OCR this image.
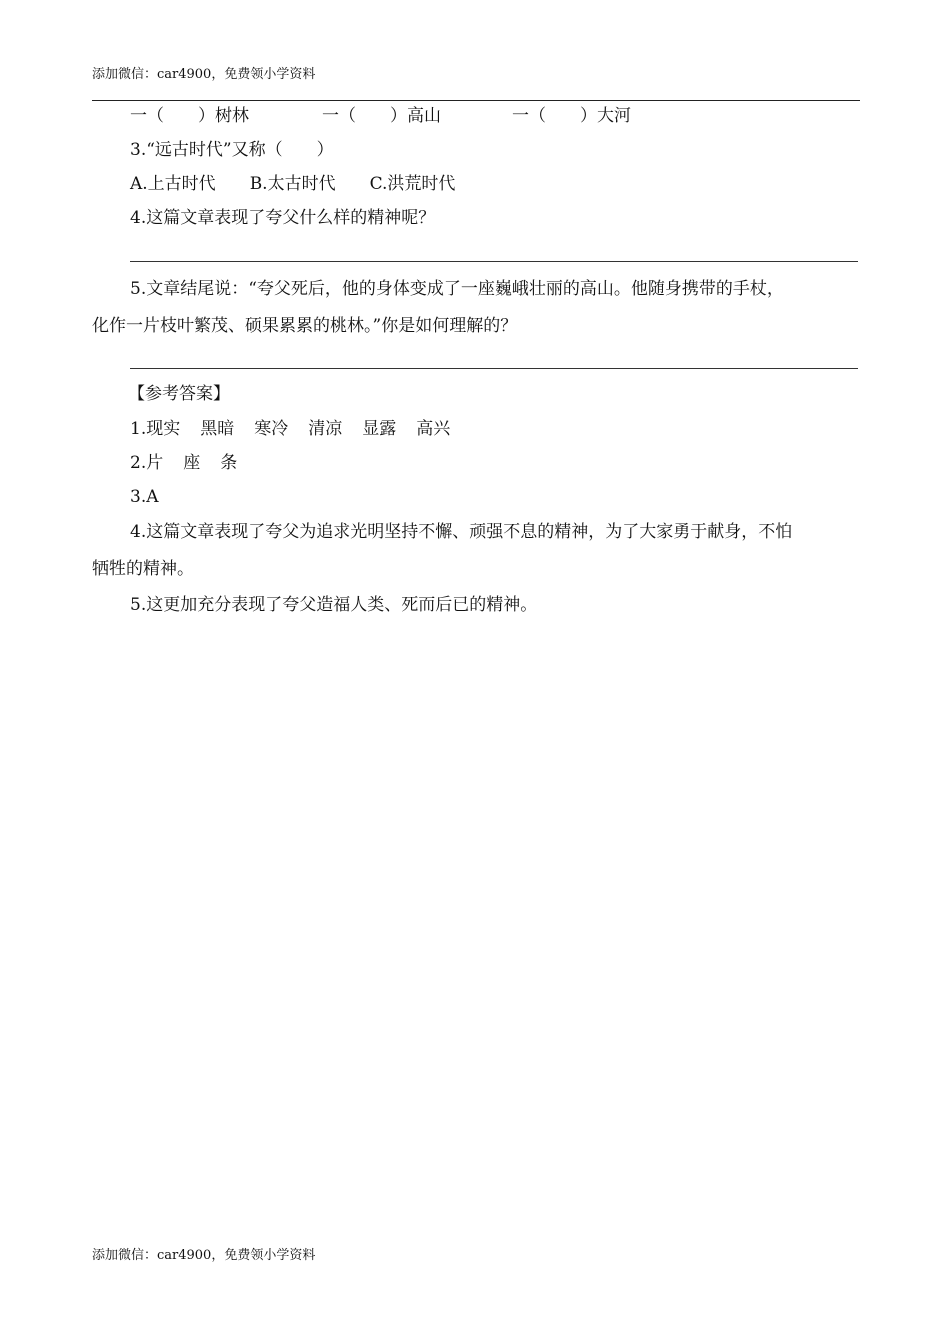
添加微信：car4900，免费领小学资料
一（ ）树林	一（ ）高山	一（ ）大河
3.“远古时代”又称（　　）
A.上古时代 B.太古时代 C.洪荒时代
4.这篇文章表现了夸父什么样的精神呢？
5.文章结尾说：“夸父死后，他的身体变成了一座巍峨壮丽的高山。他随身携带的手杖，
化作一片枝叶繁茂、硕果累累的桃林。”你是如何理解的？
【参考答案】
1.现实 黑暗 寒冷 清凉 显露 高兴
2.片 座 条
3.A
4.这篇文章表现了夸父为追求光明坚持不懈、顽强不息的精神，为了大家勇于献身，不怕
牺牲的精神。
5.这更加充分表现了夸父造福人类、死而后已的精神。
添加微信：car4900，免费领小学资料
